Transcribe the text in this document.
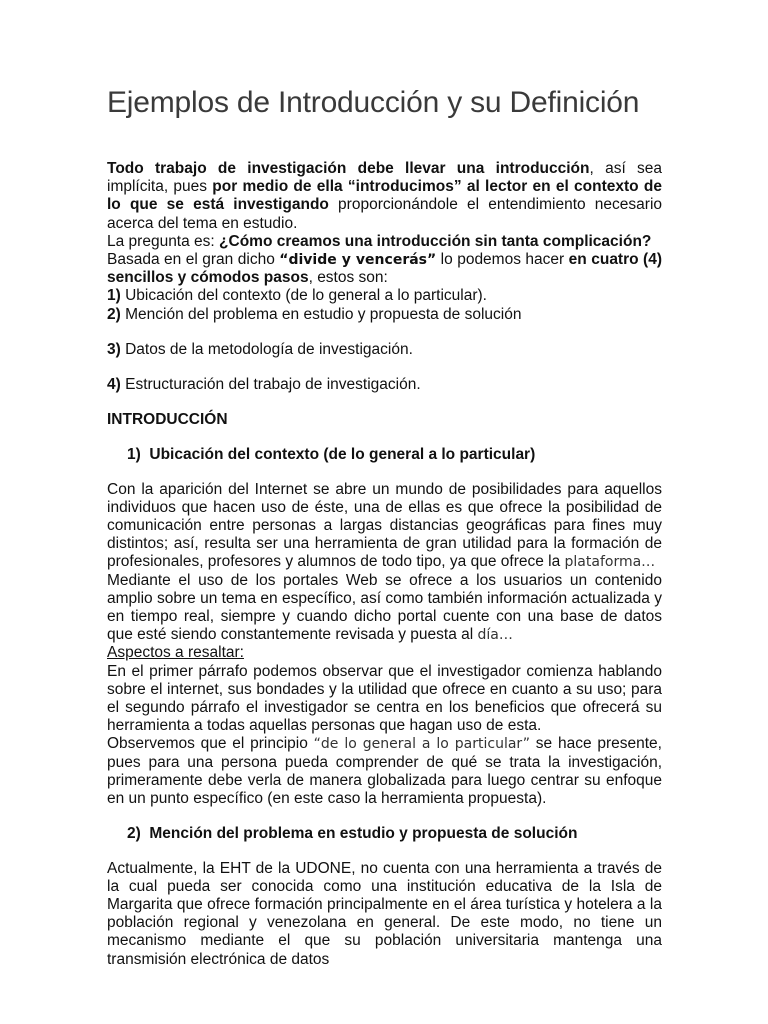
Ejemplos de Introducción y su Definición

Todo trabajo de investigación debe llevar una introducción, así sea implícita, pues por medio de ella “introducimos” al lector en el contexto de lo que se está investigando proporcionándole el entendimiento necesario acerca del tema en estudio.

La pregunta es: ¿Cómo creamos una introducción sin tanta complicación?

Basada en el gran dicho “divide y vencerás” lo podemos hacer en cuatro (4) sencillos y cómodos pasos, estos son:

1) Ubicación del contexto (de lo general a lo particular).

2) Mención del problema en estudio y propuesta de solución

3) Datos de la metodología de investigación.

4) Estructuración del trabajo de investigación.

INTRODUCCIÓN

1)  Ubicación del contexto (de lo general a lo particular)

Con la aparición del Internet se abre un mundo de posibilidades para aquellos individuos que hacen uso de éste, una de ellas es que ofrece la posibilidad de comunicación entre personas a largas distancias geográficas para fines muy distintos; así, resulta ser una herramienta de gran utilidad para la formación de profesionales, profesores y alumnos de todo tipo, ya que ofrece la plataforma…

Mediante el uso de los portales Web se ofrece a los usuarios un contenido amplio sobre un tema en específico, así como también información actualizada y en tiempo real, siempre y cuando dicho portal cuente con una base de datos que esté siendo constantemente revisada y puesta al día…

Aspectos a resaltar:

En el primer párrafo podemos observar que el investigador comienza hablando sobre el internet, sus bondades y la utilidad que ofrece en cuanto a su uso; para el segundo párrafo el investigador se centra en los beneficios que ofrecerá su herramienta a todas aquellas personas que hagan uso de esta.

Observemos que el principio “de lo general a lo particular” se hace presente, pues para una persona pueda comprender de qué se trata la investigación, primeramente debe verla de manera globalizada para luego centrar su enfoque en un punto específico (en este caso la herramienta propuesta).

2)  Mención del problema en estudio y propuesta de solución

Actualmente, la EHT de la UDONE, no cuenta con una herramienta a través de la cual pueda ser conocida como una institución educativa de la Isla de Margarita que ofrece formación principalmente en el área turística y hotelera a la población regional y venezolana en general. De este modo, no tiene un mecanismo mediante el que su población universitaria mantenga una transmisión electrónica de datos
